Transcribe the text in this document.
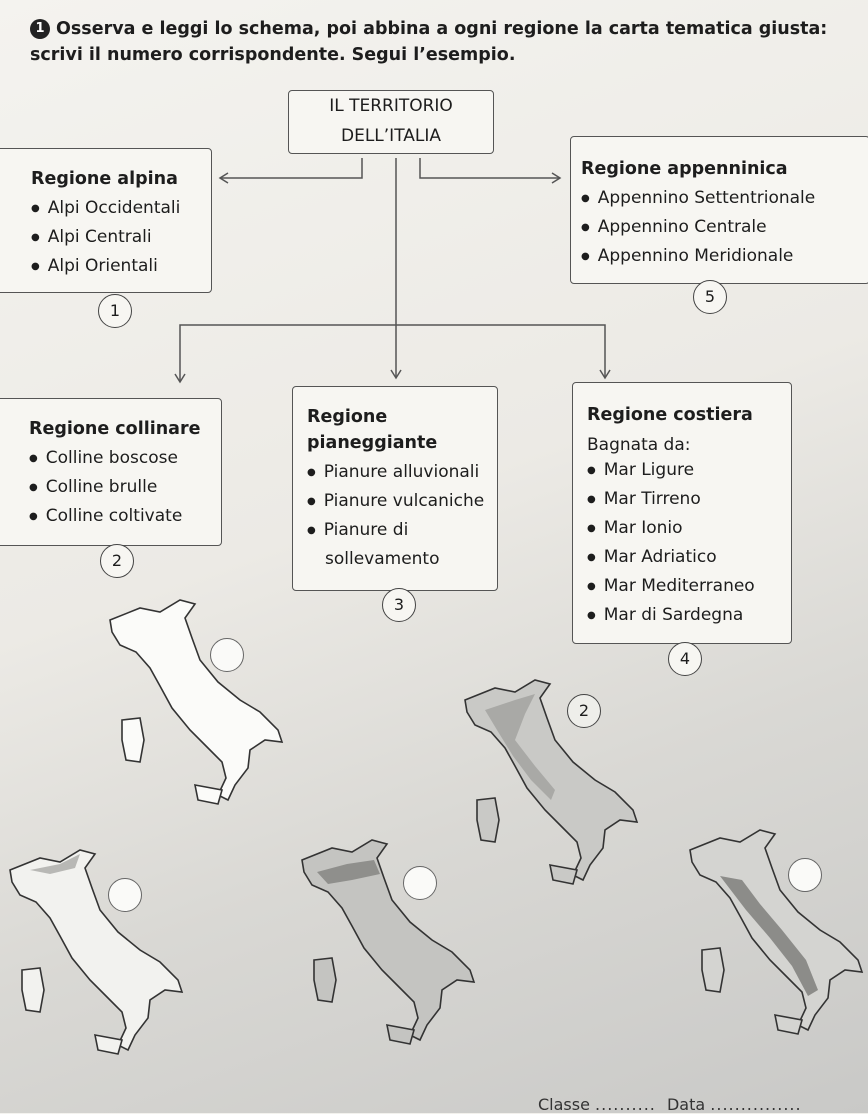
1 Osserva e leggi lo schema, poi abbina a ogni regione la carta tematica giusta: scrivi il numero corrispondente. Segui l’esempio.
IL TERRITORIO
DELL’ITALIA
Regione alpina
● Alpi Occidentali
● Alpi Centrali
● Alpi Orientali
1
Regione appenninica
● Appennino Settentrionale
● Appennino Centrale
● Appennino Meridionale
5
Regione collinare
● Colline boscose
● Colline brulle
● Colline coltivate
2
Regione
pianeggiante
● Pianure alluvionali
● Pianure vulcaniche
● Pianure di
sollevamento
3
Regione costiera
Bagnata da:
● Mar Ligure
● Mar Tirreno
● Mar Ionio
● Mar Adriatico
● Mar Mediterraneo
● Mar di Sardegna
4
2
Classe .......... Data ...............
